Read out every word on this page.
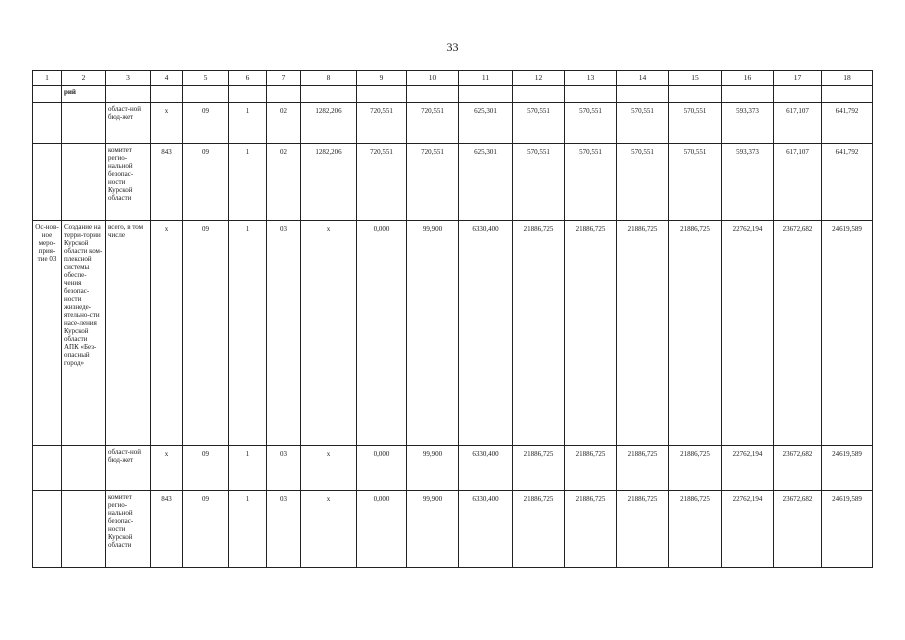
33
1	2	3	4	5	6	7	8	9	10	11	12	13	14	15	16	17	18
	рий																
		област-ной бюд-жет	х	09	1	02	1282,206	720,551	720,551	625,301	570,551	570,551	570,551	570,551	593,373	617,107	641,792
		комитет регио-нальной безопас-ности Курской области	843	09	1	02	1282,206	720,551	720,551	625,301	570,551	570,551	570,551	570,551	593,373	617,107	641,792
Ос-нов-ное меро-прия-тие 03	Создание на терри-тории Курской области ком-плексной системы обеспе-чения безопас-ности жизнеде-ятельно-сти насе-ления Курской области АПК «Без-опасный город»	всего, в том числе	х	09	1	03	х	0,000	99,900	6330,400	21886,725	21886,725	21886,725	21886,725	22762,194	23672,682	24619,589
		област-ной бюд-жет	х	09	1	03	х	0,000	99,900	6330,400	21886,725	21886,725	21886,725	21886,725	22762,194	23672,682	24619,589
		комитет регио-нальной безопас-ности Курской области	843	09	1	03	х	0,000	99,900	6330,400	21886,725	21886,725	21886,725	21886,725	22762,194	23672,682	24619,589
